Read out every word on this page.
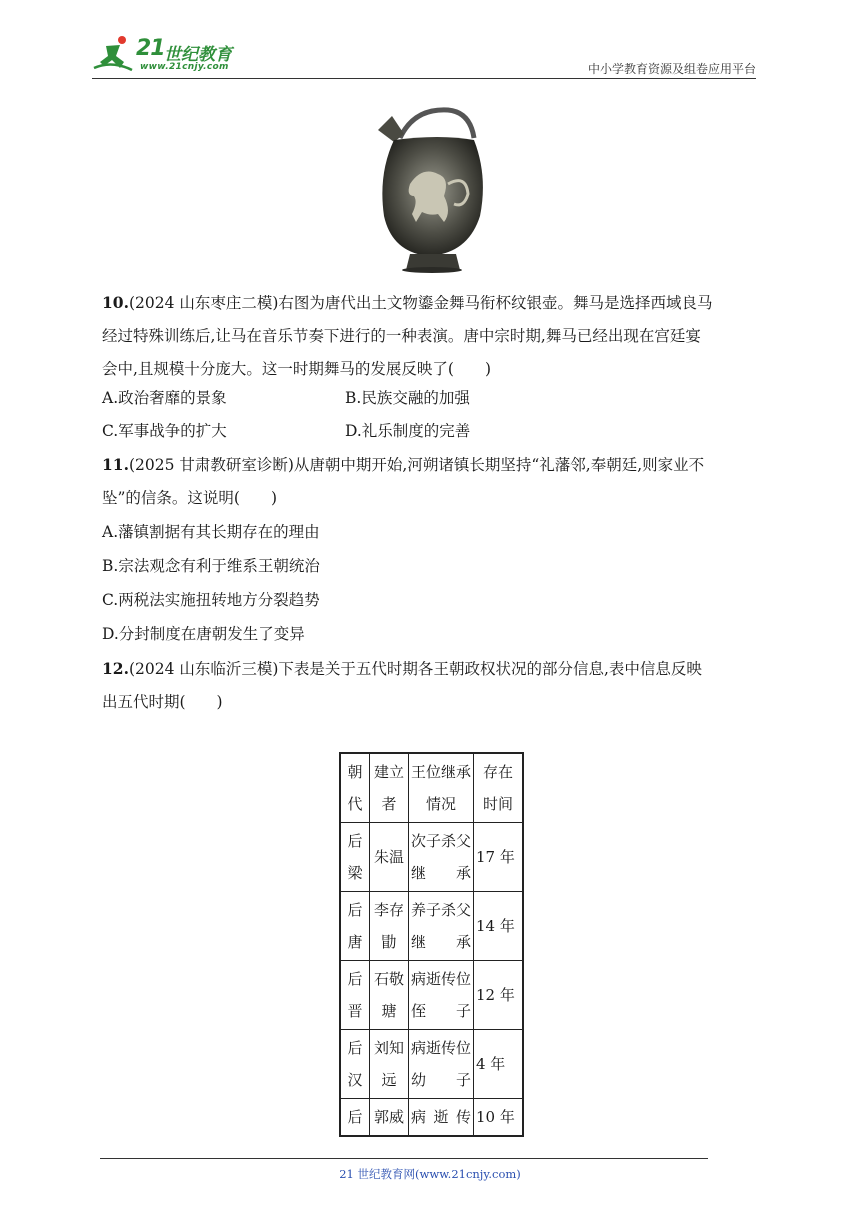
21 世纪教育
www.21cnjy.com	中小学教育资源及组卷应用平台
10.(2024 山东枣庄二模)右图为唐代出土文物鎏金舞马衔杯纹银壶。舞马是选择西域良马
经过特殊训练后,让马在音乐节奏下进行的一种表演。唐中宗时期,舞马已经出现在宫廷宴
会中,且规模十分庞大。这一时期舞马的发展反映了(　　)
A.政治奢靡的景象	B.民族交融的加强
C.军事战争的扩大	D.礼乐制度的完善
11.(2025 甘肃教研室诊断)从唐朝中期开始,河朔诸镇长期坚持“礼藩邻,奉朝廷,则家业不
坠”的信条。这说明(　　)
A.藩镇割据有其长期存在的理由
B.宗法观念有利于维系王朝统治
C.两税法实施扭转地方分裂趋势
D.分封制度在唐朝发生了变异
12.(2024 山东临沂三模)下表是关于五代时期各王朝政权状况的部分信息,表中信息反映
出五代时期(　　)
朝代	建立者	王位继承情况	存在时间
后梁	朱温	次子杀父继承	17 年
后唐	李存勖	养子杀父继承	14 年
后晋	石敬瑭	病逝传位侄子	12 年
后汉	刘知远	病逝传位幼子	4 年
后	郭威	病逝传	10 年
21 世纪教育网(www.21cnjy.com)
